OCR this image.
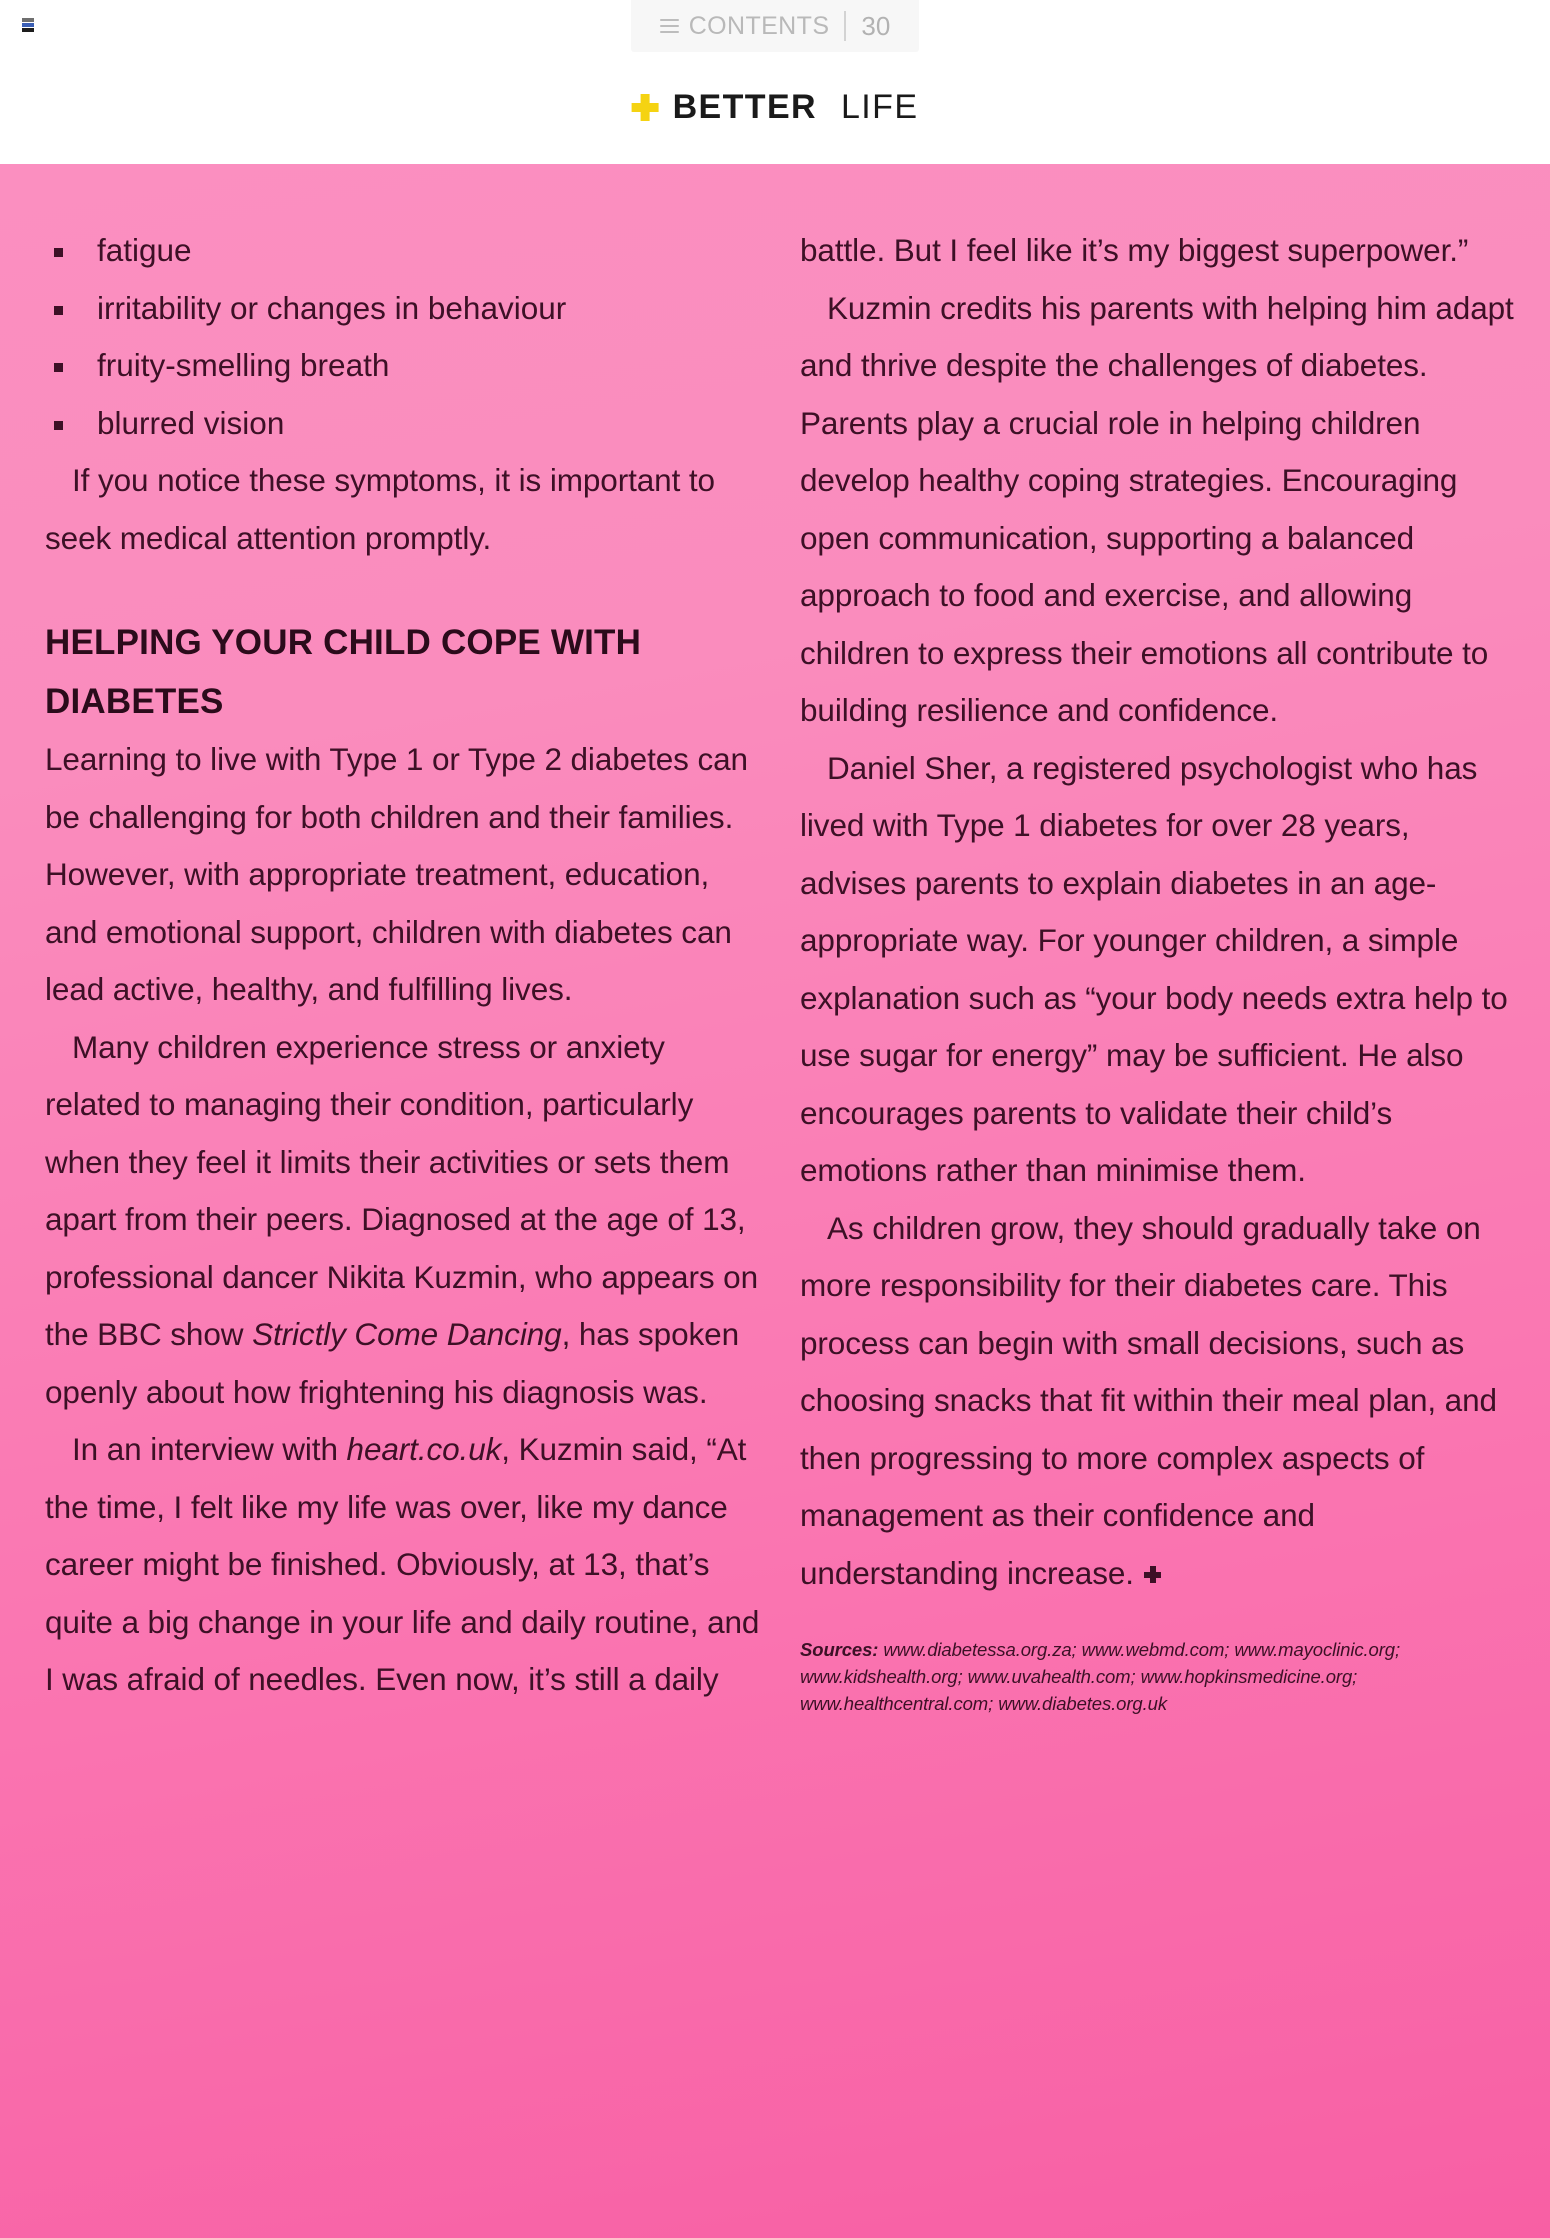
CONTENTS 30
BETTER LIFE
fatigue
irritability or changes in behaviour
fruity-smelling breath
blurred vision

If you notice these symptoms, it is important to seek medical attention promptly.

HELPING YOUR CHILD COPE WITH DIABETES

Learning to live with Type 1 or Type 2 diabetes can be challenging for both children and their families. However, with appropriate treatment, education, and emotional support, children with diabetes can lead active, healthy, and fulfilling lives.

Many children experience stress or anxiety related to managing their condition, particularly when they feel it limits their activities or sets them apart from their peers. Diagnosed at the age of 13, professional dancer Nikita Kuzmin, who appears on the BBC show Strictly Come Dancing, has spoken openly about how frightening his diagnosis was.

In an interview with heart.co.uk, Kuzmin said, “At the time, I felt like my life was over, like my dance career might be finished. Obviously, at 13, that’s quite a big change in your life and daily routine, and I was afraid of needles. Even now, it’s still a daily

battle. But I feel like it’s my biggest superpower.”

Kuzmin credits his parents with helping him adapt and thrive despite the challenges of diabetes. Parents play a crucial role in helping children develop healthy coping strategies. Encouraging open communication, supporting a balanced approach to food and exercise, and allowing children to express their emotions all contribute to building resilience and confidence.

Daniel Sher, a registered psychologist who has lived with Type 1 diabetes for over 28 years, advises parents to explain diabetes in an age-appropriate way. For younger children, a simple explanation such as “your body needs extra help to use sugar for energy” may be sufficient. He also encourages parents to validate their child’s emotions rather than minimise them.

As children grow, they should gradually take on more responsibility for their diabetes care. This process can begin with small decisions, such as choosing snacks that fit within their meal plan, and then progressing to more complex aspects of management as their confidence and understanding increase.

Sources: www.diabetessa.org.za; www.webmd.com; www.mayoclinic.org; www.kidshealth.org; www.uvahealth.com; www.hopkinsmedicine.org; www.healthcentral.com; www.diabetes.org.uk
